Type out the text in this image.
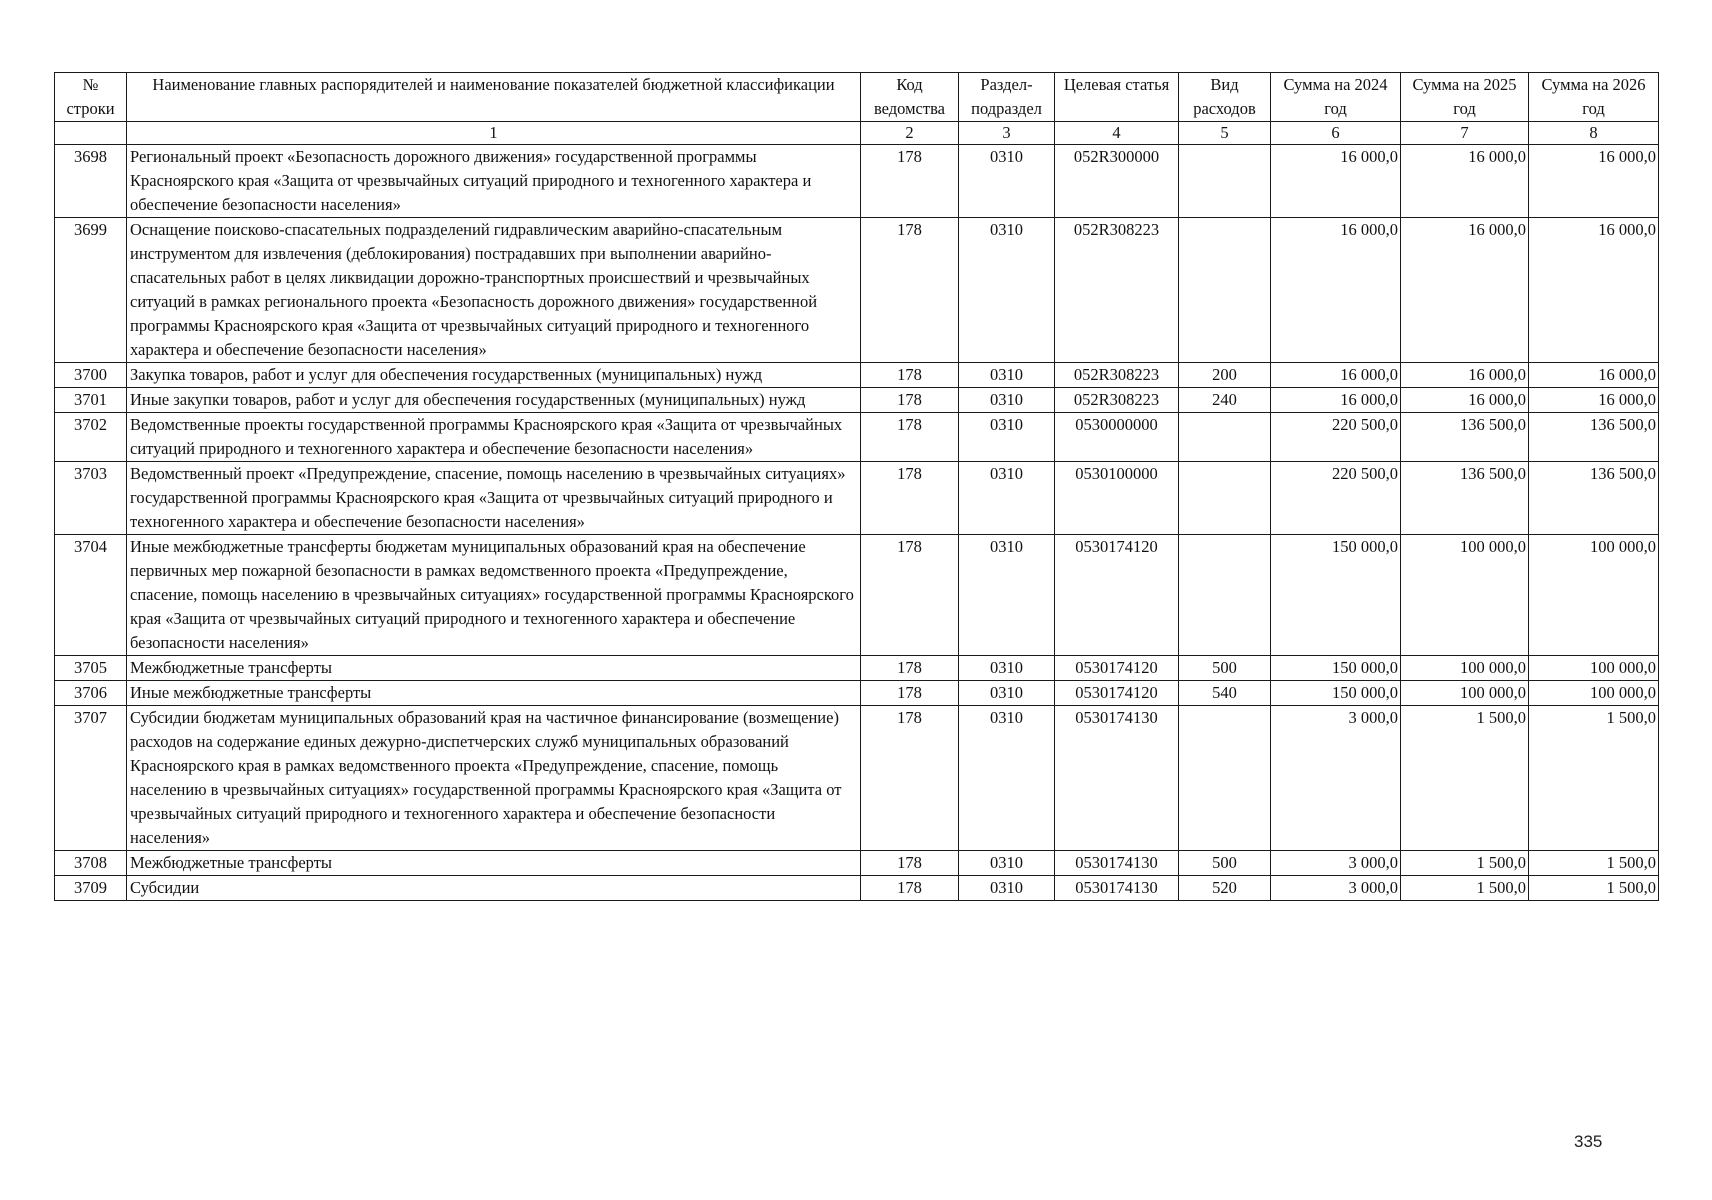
№ строки	Наименование главных распорядителей и наименование показателей бюджетной классификации	Код ведомства	Раздел-подраздел	Целевая статья	Вид расходов	Сумма на 2024 год	Сумма на 2025 год	Сумма на 2026 год
	1	2	3	4	5	6	7	8
3698	Региональный проект «Безопасность дорожного движения» государственной программы Красноярского края «Защита от чрезвычайных ситуаций природного и техногенного характера и обеспечение безопасности населения»	178	0310	052R300000		16 000,0	16 000,0	16 000,0
3699	Оснащение поисково-спасательных подразделений гидравлическим аварийно-спасательным инструментом для извлечения (деблокирования) пострадавших при выполнении аварийно-спасательных работ в целях ликвидации дорожно-транспортных происшествий и чрезвычайных ситуаций в рамках регионального проекта «Безопасность дорожного движения» государственной программы Красноярского края «Защита от чрезвычайных ситуаций природного и техногенного характера и обеспечение безопасности населения»	178	0310	052R308223		16 000,0	16 000,0	16 000,0
3700	Закупка товаров, работ и услуг для обеспечения государственных (муниципальных) нужд	178	0310	052R308223	200	16 000,0	16 000,0	16 000,0
3701	Иные закупки товаров, работ и услуг для обеспечения государственных (муниципальных) нужд	178	0310	052R308223	240	16 000,0	16 000,0	16 000,0
3702	Ведомственные проекты государственной программы Красноярского края «Защита от чрезвычайных ситуаций природного и техногенного характера и обеспечение безопасности населения»	178	0310	0530000000		220 500,0	136 500,0	136 500,0
3703	Ведомственный проект «Предупреждение, спасение, помощь населению в чрезвычайных ситуациях» государственной программы Красноярского края «Защита от чрезвычайных ситуаций природного и техногенного характера и обеспечение безопасности населения»	178	0310	0530100000		220 500,0	136 500,0	136 500,0
3704	Иные межбюджетные трансферты бюджетам муниципальных образований края на обеспечение первичных мер пожарной безопасности в рамках ведомственного проекта «Предупреждение, спасение, помощь населению в чрезвычайных ситуациях» государственной программы Красноярского края «Защита от чрезвычайных ситуаций природного и техногенного характера и обеспечение безопасности населения»	178	0310	0530174120		150 000,0	100 000,0	100 000,0
3705	Межбюджетные трансферты	178	0310	0530174120	500	150 000,0	100 000,0	100 000,0
3706	Иные межбюджетные трансферты	178	0310	0530174120	540	150 000,0	100 000,0	100 000,0
3707	Субсидии бюджетам муниципальных образований края на частичное финансирование (возмещение) расходов на содержание единых дежурно-диспетчерских служб муниципальных образований Красноярского края в рамках ведомственного проекта «Предупреждение, спасение, помощь населению в чрезвычайных ситуациях» государственной программы Красноярского края «Защита от чрезвычайных ситуаций природного и техногенного характера и обеспечение безопасности населения»	178	0310	0530174130		3 000,0	1 500,0	1 500,0
3708	Межбюджетные трансферты	178	0310	0530174130	500	3 000,0	1 500,0	1 500,0
3709	Субсидии	178	0310	0530174130	520	3 000,0	1 500,0	1 500,0
335
